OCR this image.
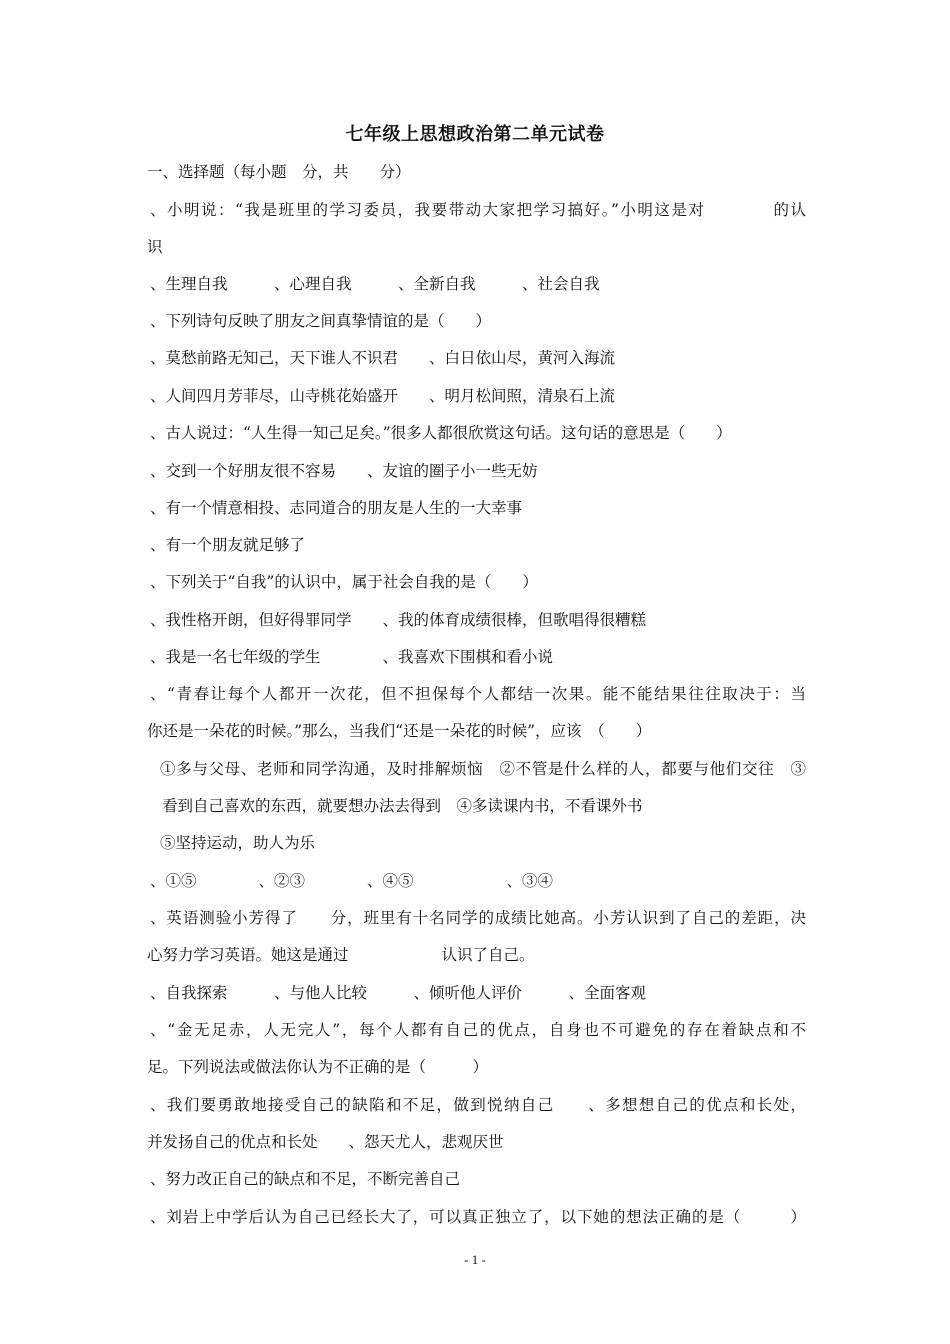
七年级上思想政治第二单元试卷
一、选择题（每小题　分，共　　分）
、小明说：“我是班里的学习委员，我要带动大家把学习搞好。”小明这是对　　　　的认
识
、生理自我　　　、心理自我　　　、全新自我　　　、社会自我
、下列诗句反映了朋友之间真挚情谊的是（　　）
、莫愁前路无知己，天下谁人不识君　　、白日依山尽，黄河入海流
、人间四月芳菲尽，山寺桃花始盛开　　、明月松间照，清泉石上流
、古人说过：“人生得一知己足矣。”很多人都很欣赏这句话。这句话的意思是（　　）
、交到一个好朋友很不容易　　、友谊的圈子小一些无妨
、有一个情意相投、志同道合的朋友是人生的一大幸事
、有一个朋友就足够了
、下列关于“自我”的认识中，属于社会自我的是（　　）
、我性格开朗，但好得罪同学　　、我的体育成绩很棒，但歌唱得很糟糕
、我是一名七年级的学生　　　　、我喜欢下围棋和看小说
、“青春让每个人都开一次花，但不担保每个人都结一次果。能不能结果往往取决于：当
你还是一朵花的时候。”那么，当我们“还是一朵花的时候”，应该　（　　）
①多与父母、老师和同学沟通，及时排解烦恼　②不管是什么样的人，都要与他们交往　③
看到自己喜欢的东西，就要想办法去得到　④多读课内书，不看课外书
⑤坚持运动，助人为乐
、①⑤　　　　、②③　　　　、④⑤　　　　　　、③④
、英语测验小芳得了　　分，班里有十名同学的成绩比她高。小芳认识到了自己的差距，决
心努力学习英语。她这是通过　　　　　　认识了自己。
、自我探索　　　、与他人比较　　　、倾听他人评价　　　、全面客观
、“金无足赤，人无完人”，每个人都有自己的优点，自身也不可避免的存在着缺点和不
足。下列说法或做法你认为不正确的是（　　　）
、我们要勇敢地接受自己的缺陷和不足，做到悦纳自己　　、多想想自己的优点和长处，
并发扬自己的优点和长处　　、怨天尤人，悲观厌世
、努力改正自己的缺点和不足，不断完善自己
、刘岩上中学后认为自己已经长大了，可以真正独立了，以下她的想法正确的是（　　　）
- 1 -
